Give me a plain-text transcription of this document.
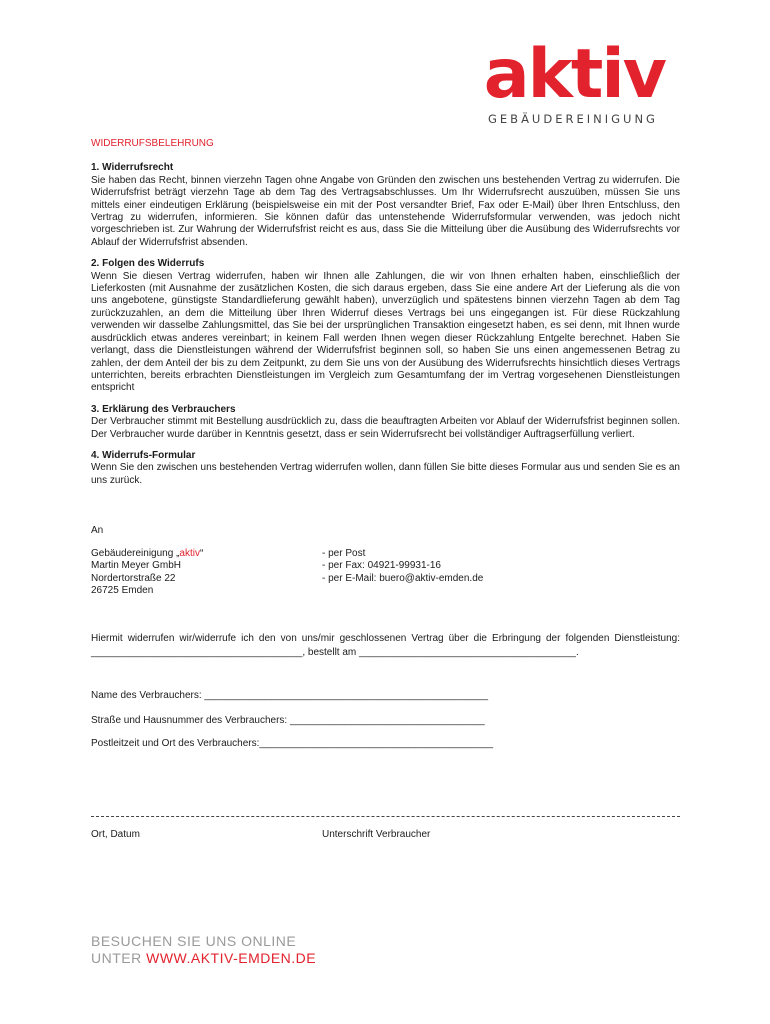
aktiv
GEBÄUDEREINIGUNG

WIDERRUFSBELEHRUNG

1. Widerrufsrecht

Sie haben das Recht, binnen vierzehn Tagen ohne Angabe von Gründen den zwischen uns bestehenden Vertrag zu widerrufen. Die Widerrufsfrist beträgt vierzehn Tage ab dem Tag des Vertragsabschlusses. Um Ihr Widerrufsrecht auszuüben, müssen Sie uns mittels einer eindeutigen Erklärung (beispielsweise ein mit der Post versandter Brief, Fax oder E-Mail) über Ihren Entschluss, den Vertrag zu widerrufen, informieren. Sie können dafür das untenstehende Widerrufsformular verwenden, was jedoch nicht vorgeschrieben ist. Zur Wahrung der Widerrufsfrist reicht es aus, dass Sie die Mitteilung über die Ausübung des Widerrufsrechts vor Ablauf der Widerrufsfrist absenden.

2. Folgen des Widerrufs

Wenn Sie diesen Vertrag widerrufen, haben wir Ihnen alle Zahlungen, die wir von Ihnen erhalten haben, einschließlich der Lieferkosten (mit Ausnahme der zusätzlichen Kosten, die sich daraus ergeben, dass Sie eine andere Art der Lieferung als die von uns angebotene, günstigste Standardlieferung gewählt haben), unverzüglich und spätestens binnen vierzehn Tagen ab dem Tag zurückzuzahlen, an dem die Mitteilung über Ihren Widerruf dieses Vertrags bei uns eingegangen ist. Für diese Rückzahlung verwenden wir dasselbe Zahlungsmittel, das Sie bei der ursprünglichen Transaktion eingesetzt haben, es sei denn, mit Ihnen wurde ausdrücklich etwas anderes vereinbart; in keinem Fall werden Ihnen wegen dieser Rückzahlung Entgelte berechnet. Haben Sie verlangt, dass die Dienstleistungen während der Widerrufsfrist beginnen soll, so haben Sie uns einen angemessenen Betrag zu zahlen, der dem Anteil der bis zu dem Zeitpunkt, zu dem Sie uns von der Ausübung des Widerrufsrechts hinsichtlich dieses Vertrags unterrichten, bereits erbrachten Dienstleistungen im Vergleich zum Gesamtumfang der im Vertrag vorgesehenen Dienstleistungen entspricht

3. Erklärung des Verbrauchers

Der Verbraucher stimmt mit Bestellung ausdrücklich zu, dass die beauftragten Arbeiten vor Ablauf der Widerrufsfrist beginnen sollen. Der Verbraucher wurde darüber in Kenntnis gesetzt, dass er sein Widerrufsrecht bei vollständiger Auftragserfüllung verliert.

4. Widerrufs-Formular

Wenn Sie den zwischen uns bestehenden Vertrag widerrufen wollen, dann füllen Sie bitte dieses Formular aus und senden Sie es an uns zurück.

An
Gebäudereinigung „aktiv“
Martin Meyer GmbH
Nordertorstraße 22
26725 Emden
- per Post
- per Fax: 04921-99931-16
- per E-Mail: buero@aktiv-emden.de
Hiermit widerrufen wir/widerrufe ich den von uns/mir geschlossenen Vertrag über die Erbringung der folgenden Dienstleistung: ______________________________________, bestellt am _______________________________________.
Name des Verbrauchers: ___________________________________________________
Straße und Hausnummer des Verbrauchers: ___________________________________
Postleitzeit und Ort des Verbrauchers:__________________________________________
Ort, Datum	Unterschrift Verbraucher
BESUCHEN SIE UNS ONLINE
UNTER WWW.AKTIV-EMDEN.DE
